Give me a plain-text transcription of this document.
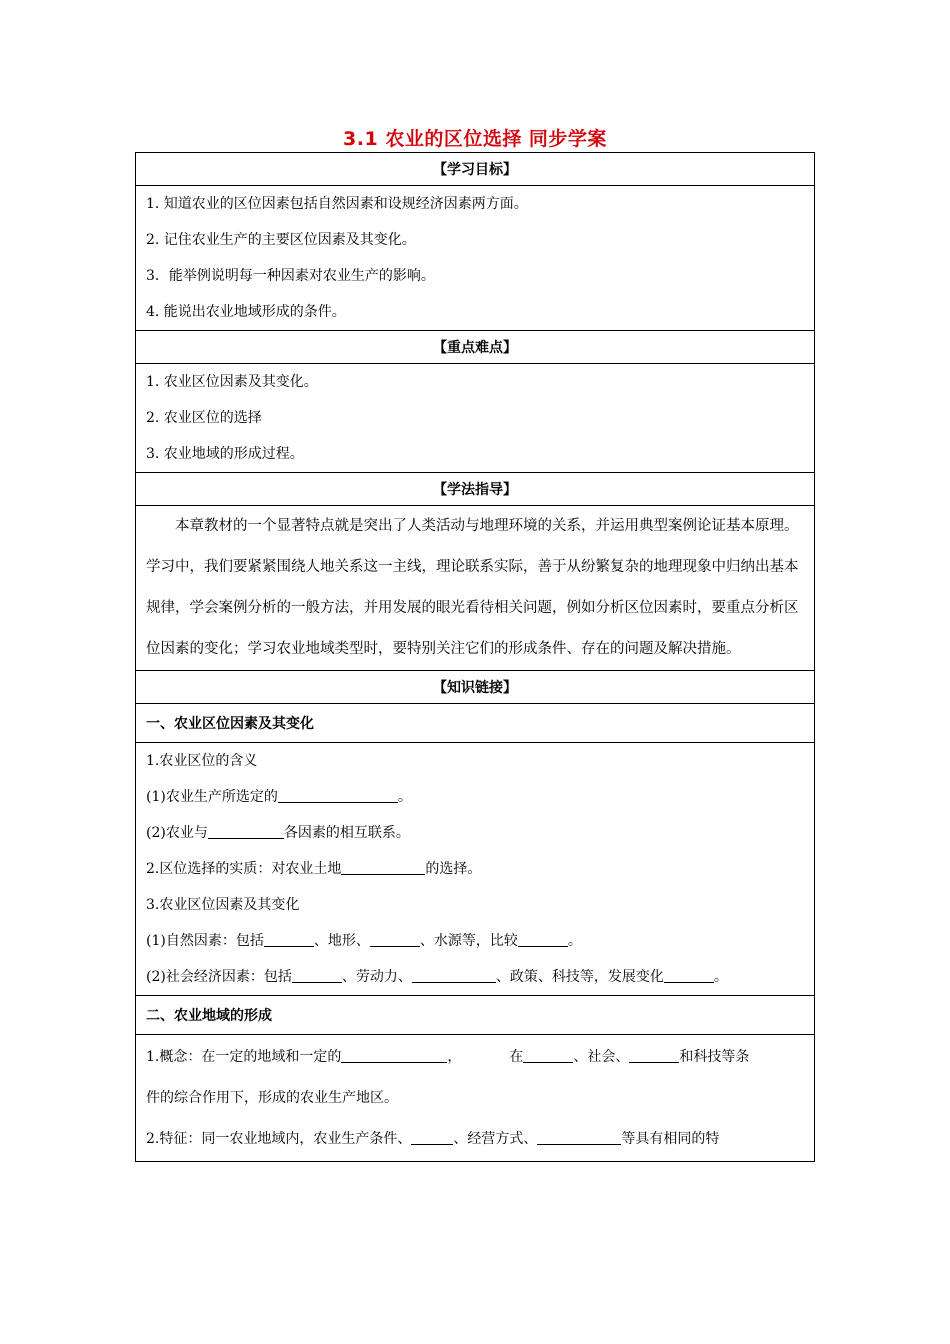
3.1 农业的区位选择 同步学案
【学习目标】

1. 知道农业的区位因素包括自然因素和设规经济因素两方面。
2. 记住农业生产的主要区位因素及其变化。
3．能举例说明每一种因素对农业生产的影响。
4. 能说出农业地域形成的条件。

【重点难点】

1. 农业区位因素及其变化。
2. 农业区位的选择
3. 农业地域的形成过程。

【学法指导】

本章教材的一个显著特点就是突出了人类活动与地理环境的关系，并运用典型案例论证基本原理。学习中，我们要紧紧围绕人地关系这一主线，理论联系实际，善于从纷繁复杂的地理现象中归纳出基本规律，学会案例分析的一般方法，并用发展的眼光看待相关问题，例如分析区位因素时，要重点分析区位因素的变化；学习农业地域类型时，要特别关注它们的形成条件、存在的问题及解决措施。

【知识链接】
一、农业区位因素及其变化

1.农业区位的含义
(1)农业生产所选定的	。
(2)农业与	各因素的相互联系。
2.区位选择的实质：对农业土地	的选择。
3.农业区位因素及其变化
(1)自然因素：包括	、地形、	、水源等，比较	。
(2)社会经济因素：包括	、劳动力、	、政策、科技等，发展变化	。

二、农业地域的形成

1.概念：在一定的地域和一定的	，	在	、社会、	和科技等条
件的综合作用下，形成的农业生产地区。
2.特征：同一农业地域内，农业生产条件、	、经营方式、	等具有相同的特
